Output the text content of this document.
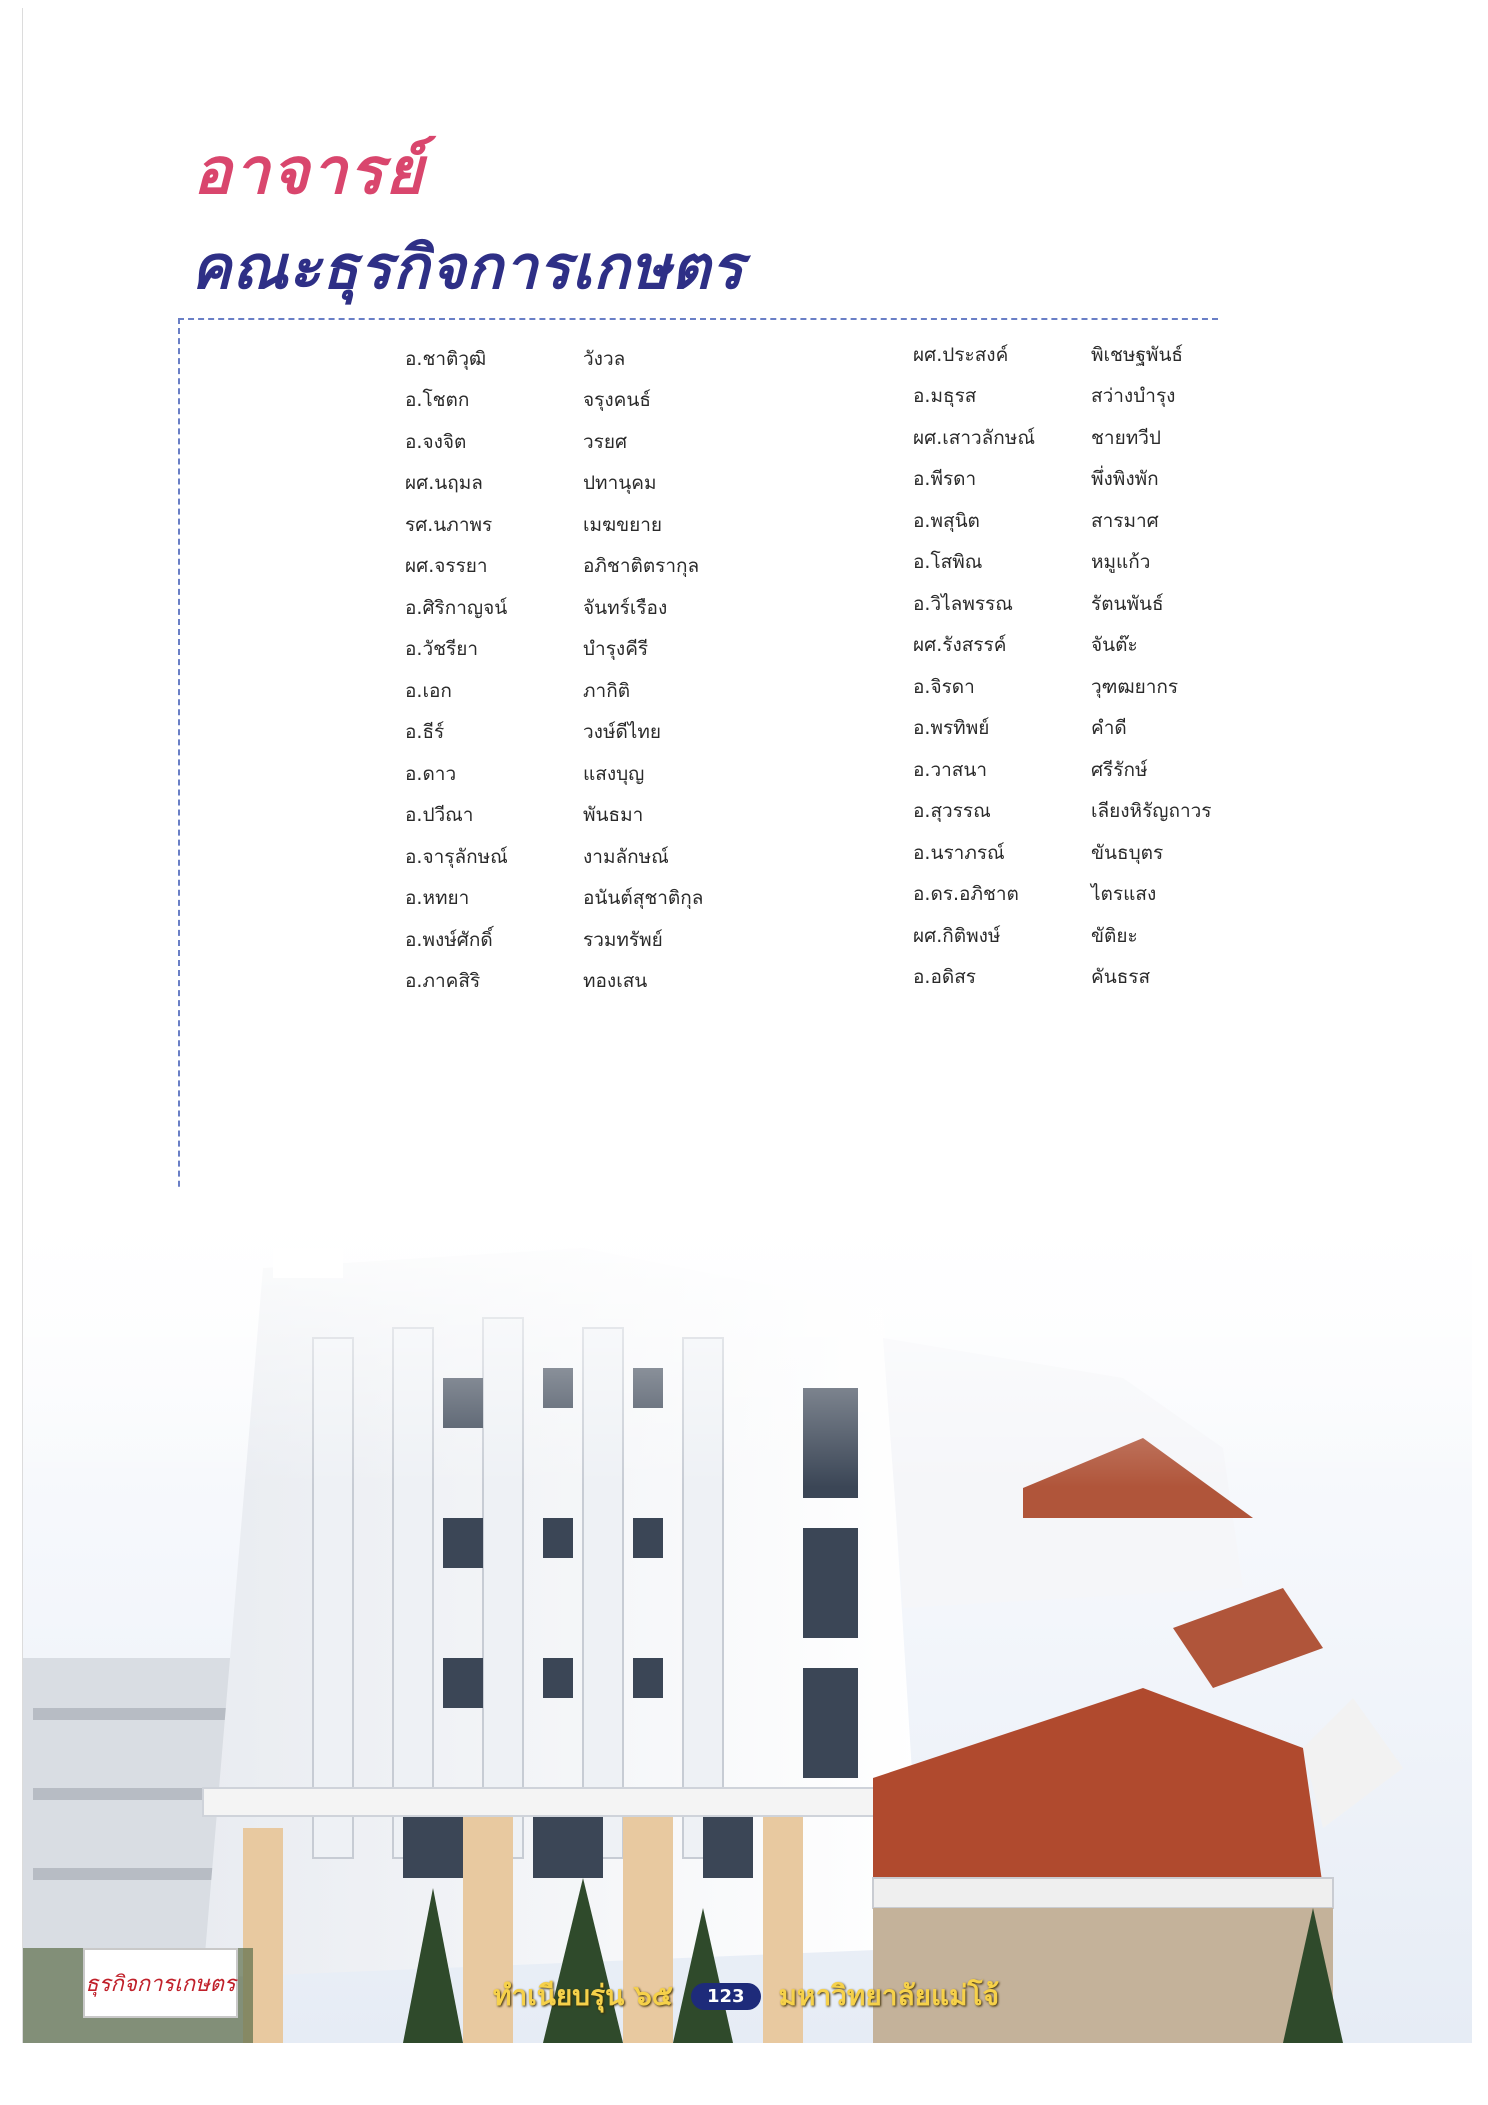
อาจารย์
คณะธุรกิจการเกษตร
อ.ชาติวุฒิ	วังวล
อ.โชตก	จรุงคนธ์
อ.จงจิต	วรยศ
ผศ.นฤมล	ปทานุคม
รศ.นภาพร	เมฆขยาย
ผศ.จรรยา	อภิชาติตรากุล
อ.ศิริกาญจน์	จันทร์เรือง
อ.วัชรียา	บำรุงคีรี
อ.เอก	ภากิติ
อ.ธีร์	วงษ์ดีไทย
อ.ดาว	แสงบุญ
อ.ปวีณา	พันธมา
อ.จารุลักษณ์	งามลักษณ์
อ.หทยา	อนันต์สุชาติกุล
อ.พงษ์ศักดิ์	รวมทรัพย์
อ.ภาคสิริ	ทองเสน
ผศ.ประสงค์	พิเชษฐพันธ์
อ.มธุรส	สว่างบำรุง
ผศ.เสาวลักษณ์	ชายทวีป
อ.พีรดา	พึ่งพิงพัก
อ.พสุนิต	สารมาศ
อ.โสพิณ	หมูแก้ว
อ.วิไลพรรณ	รัตนพันธ์
ผศ.รังสรรค์	จันต๊ะ
อ.จิรดา	วุฑฒยากร
อ.พรทิพย์	คำดี
อ.วาสนา	ศรีรักษ์
อ.สุวรรณ	เลียงหิรัญถาวร
อ.นราภรณ์	ขันธบุตร
อ.ดร.อภิชาต	ไตรแสง
ผศ.กิติพงษ์	ขัติยะ
อ.อดิสร	คันธรส
ธุรกิจการเกษตร	ทำเนียบรุ่น ๖๕	123	มหาวิทยาลัยแม่โจ้
